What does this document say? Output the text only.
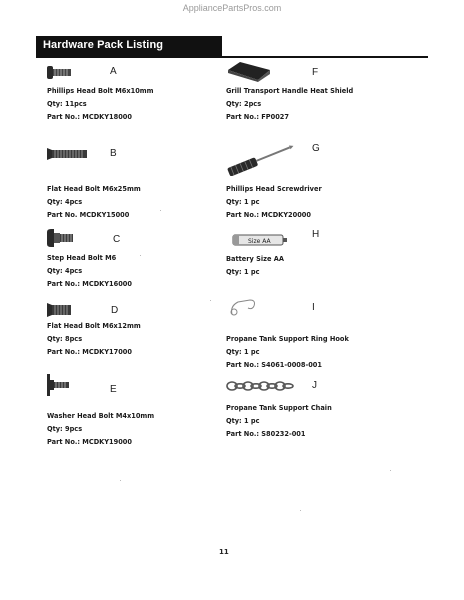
AppliancePartsPros.com
Hardware Pack Listing
A
Phillips Head Bolt M6x10mm
Qty: 11pcs
Part No.: MCDKY18000
B
Flat Head Bolt M6x25mm
Qty: 4pcs
Part No. MCDKY15000
C
Step Head Bolt M6
Qty: 4pcs
Part No.: MCDKY16000
D
Flat Head Bolt M6x12mm
Qty: 8pcs
Part No.: MCDKY17000
E
Washer Head Bolt M4x10mm
Qty: 9pcs
Part No.: MCDKY19000
F
Grill Transport Handle Heat Shield
Qty: 2pcs
Part No.: FP0027
G
Phillips Head Screwdriver
Qty: 1 pc
Part No.: MCDKY20000
Size AA
H
Battery Size AA
Qty: 1 pc
I
Propane Tank Support Ring Hook
Qty: 1 pc
Part No.: S4061-0008-001
J
Propane Tank Support Chain
Qty: 1 pc
Part No.: S80232-001
11
